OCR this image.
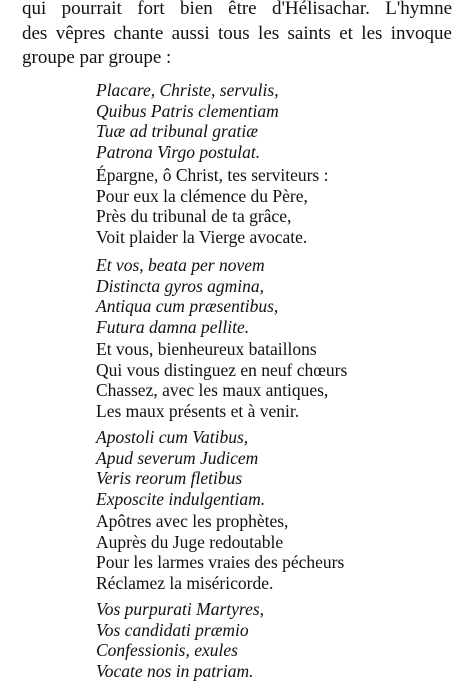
qui pourrait fort bien être d'Hélisachar. L'hymne
des vêpres chante aussi tous les saints et les invoque
groupe par groupe :

Placare, Christe, servulis,
Quibus Patris clementiam
Tuæ ad tribunal gratiæ
Patrona Virgo postulat.

Épargne, ô Christ, tes serviteurs :
Pour eux la clémence du Père,
Près du tribunal de ta grâce,
Voit plaider la Vierge avocate.

Et vos, beata per novem
Distincta gyros agmina,
Antiqua cum præsentibus,
Futura damna pellite.

Et vous, bienheureux bataillons
Qui vous distinguez en neuf chœurs
Chassez, avec les maux antiques,
Les maux présents et à venir.

Apostoli cum Vatibus,
Apud severum Judicem
Veris reorum fletibus
Exposcite indulgentiam.

Apôtres avec les prophètes,
Auprès du Juge redoutable
Pour les larmes vraies des pécheurs
Réclamez la miséricorde.

Vos purpurati Martyres,
Vos candidati præmio
Confessionis, exules
Vocate nos in patriam.
